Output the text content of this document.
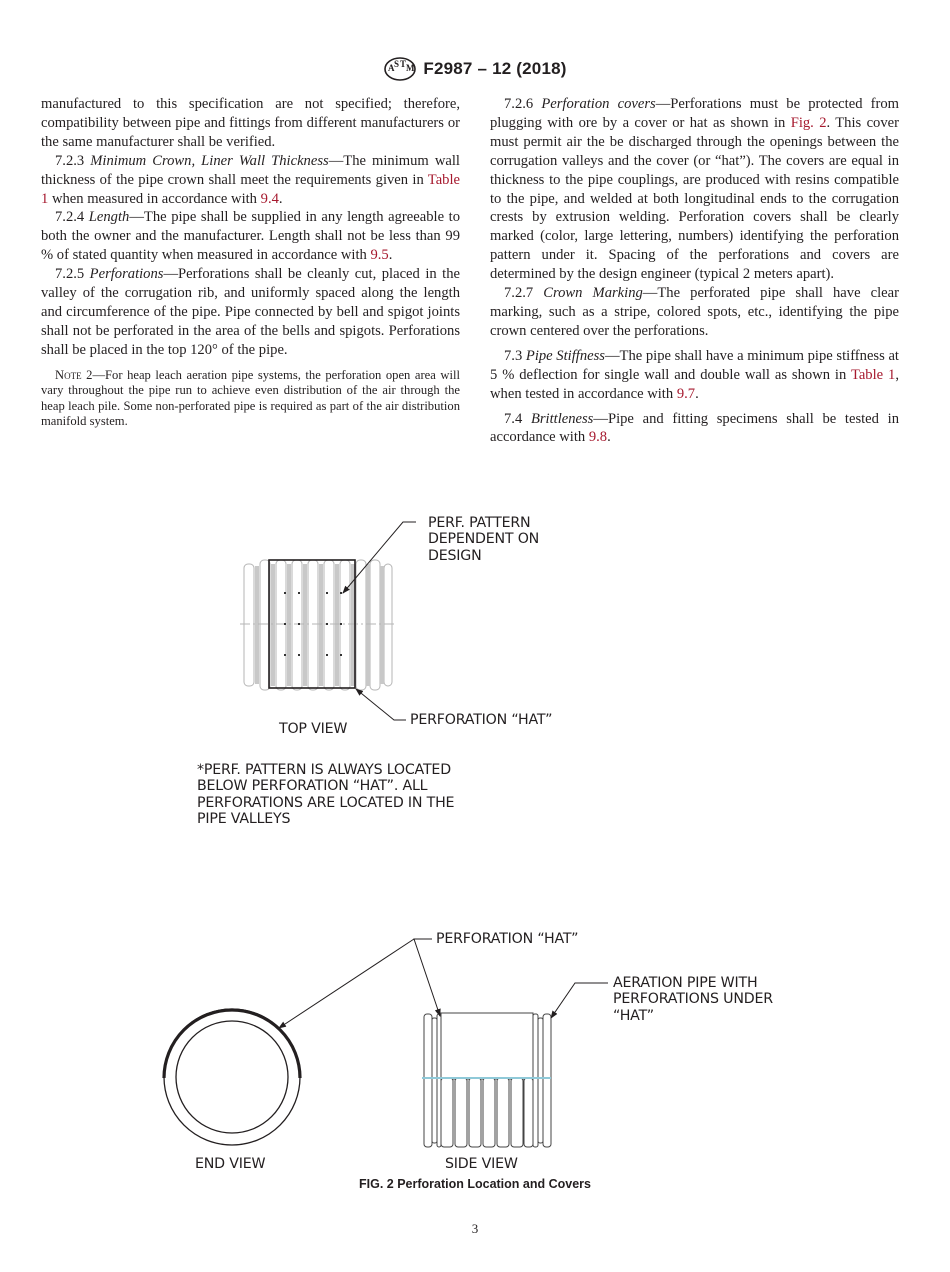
A S T M F2987 – 12 (2018)

manufactured to this specification are not specified; therefore, compatibility between pipe and fittings from different manufacturers or the same manufacturer shall be verified.

7.2.3 Minimum Crown, Liner Wall Thickness—The minimum wall thickness of the pipe crown shall meet the requirements given in Table 1 when measured in accordance with 9.4.

7.2.4 Length—The pipe shall be supplied in any length agreeable to both the owner and the manufacturer. Length shall not be less than 99 % of stated quantity when measured in accordance with 9.5.

7.2.5 Perforations—Perforations shall be cleanly cut, placed in the valley of the corrugation rib, and uniformly spaced along the length and circumference of the pipe. Pipe connected by bell and spigot joints shall not be perforated in the area of the bells and spigots. Perforations shall be placed in the top 120° of the pipe.

Note 2—For heap leach aeration pipe systems, the perforation open area will vary throughout the pipe run to achieve even distribution of the air through the heap leach pile. Some non-perforated pipe is required as part of the air distribution manifold system.

7.2.6 Perforation covers—Perforations must be protected from plugging with ore by a cover or hat as shown in Fig. 2. This cover must permit air the be discharged through the openings between the corrugation valleys and the cover (or “hat”). The covers are equal in thickness to the pipe couplings, are produced with resins compatible to the pipe, and welded at both longitudinal ends to the corrugation crests by extrusion welding. Perforation covers shall be clearly marked (color, large lettering, numbers) identifying the perforation pattern under it. Spacing of the perforations and covers are determined by the design engineer (typical 2 meters apart).

7.2.7 Crown Marking—The perforated pipe shall have clear marking, such as a stripe, colored spots, etc., identifying the pipe crown centered over the perforations.

7.3 Pipe Stiffness—The pipe shall have a minimum pipe stiffness at 5 % deflection for single wall and double wall as shown in Table 1, when tested in accordance with 9.7.

7.4 Brittleness—Pipe and fitting specimens shall be tested in accordance with 9.8.

PERF. PATTERN
DEPENDENT ON
DESIGN
PERFORATION “HAT”
TOP VIEW
*PERF. PATTERN IS ALWAYS LOCATED
BELOW PERFORATION “HAT”. ALL
PERFORATIONS ARE LOCATED IN THE
PIPE VALLEYS
PERFORATION “HAT”
AERATION PIPE WITH
PERFORATIONS UNDER
“HAT”
END VIEW	SIDE VIEW
FIG. 2 Perforation Location and Covers
3
